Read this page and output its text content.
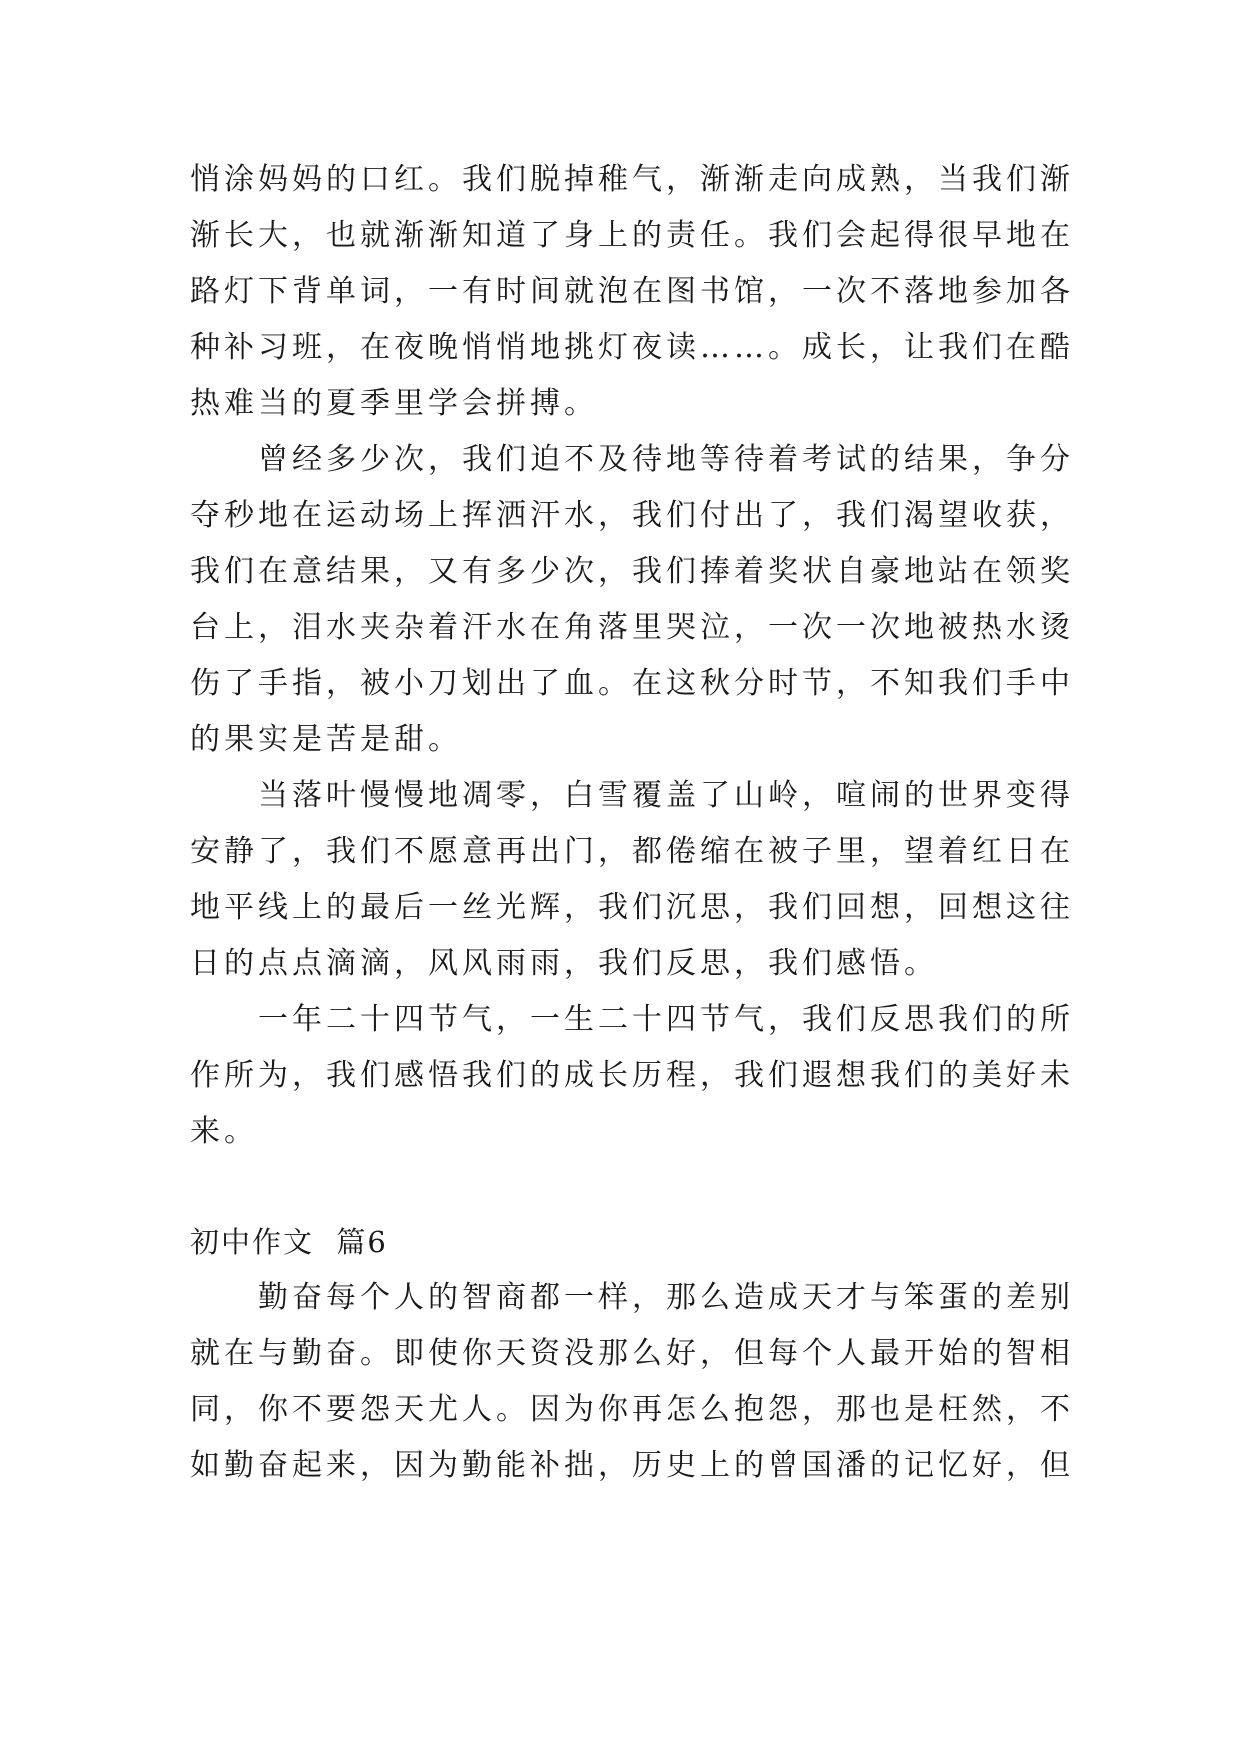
悄涂妈妈的口红。我们脱掉稚气，渐渐走向成熟，当我们渐
渐长大，也就渐渐知道了身上的责任。我们会起得很早地在
路灯下背单词，一有时间就泡在图书馆，一次不落地参加各
种补习班，在夜晚悄悄地挑灯夜读……。成长，让我们在酷
热难当的夏季里学会拼搏。
　　曾经多少次，我们迫不及待地等待着考试的结果，争分
夺秒地在运动场上挥洒汗水，我们付出了，我们渴望收获，
我们在意结果，又有多少次，我们捧着奖状自豪地站在领奖
台上，泪水夹杂着汗水在角落里哭泣，一次一次地被热水烫
伤了手指，被小刀划出了血。在这秋分时节，不知我们手中
的果实是苦是甜。
　　当落叶慢慢地凋零，白雪覆盖了山岭，喧闹的世界变得
安静了，我们不愿意再出门，都倦缩在被子里，望着红日在
地平线上的最后一丝光辉，我们沉思，我们回想，回想这往
日的点点滴滴，风风雨雨，我们反思，我们感悟。
　　一年二十四节气，一生二十四节气，我们反思我们的所
作所为，我们感悟我们的成长历程，我们遐想我们的美好未
来。
初中作文  篇6
　　勤奋每个人的智商都一样，那么造成天才与笨蛋的差别
就在与勤奋。即使你天资没那么好，但每个人最开始的智相
同，你不要怨天尤人。因为你再怎么抱怨，那也是枉然，不
如勤奋起来，因为勤能补拙，历史上的曾国潘的记忆好，但
